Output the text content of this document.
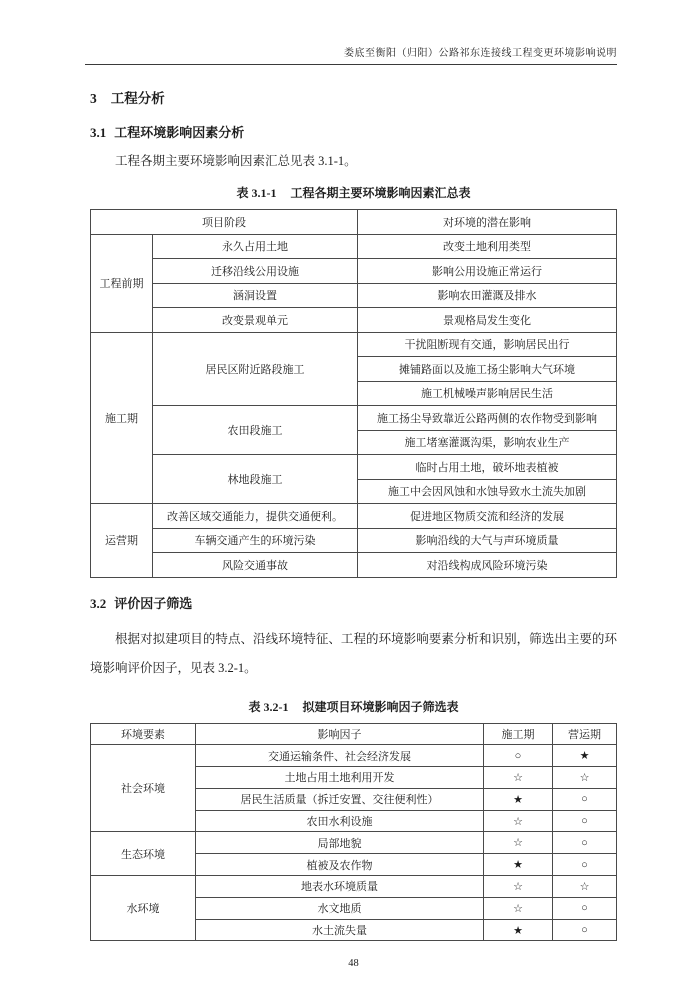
娄底至衡阳（归阳）公路祁东连接线工程变更环境影响说明
3 工程分析
3.1 工程环境影响因素分析

工程各期主要环境影响因素汇总见表 3.1-1。

表 3.1-1 工程各期主要环境影响因素汇总表
项目阶段		对环境的潜在影响
工程前期	永久占用土地	改变土地利用类型
	迁移沿线公用设施	影响公用设施正常运行
	涵洞设置	影响农田灌溉及排水
	改变景观单元	景观格局发生变化
施工期	居民区附近路段施工	干扰阻断现有交通，影响居民出行
		摊铺路面以及施工扬尘影响大气环境
		施工机械噪声影响居民生活
	农田段施工	施工扬尘导致靠近公路两侧的农作物受到影响
		施工堵塞灌溉沟渠，影响农业生产
	林地段施工	临时占用土地，破坏地表植被
		施工中会因风蚀和水蚀导致水土流失加剧
运营期	改善区域交通能力，提供交通便利。	促进地区物质交流和经济的发展
	车辆交通产生的环境污染	影响沿线的大气与声环境质量
	风险交通事故	对沿线构成风险环境污染
3.2 评价因子筛选

根据对拟建项目的特点、沿线环境特征、工程的环境影响要素分析和识别，筛选出主要的环境影响评价因子，见表 3.2-1。

表 3.2-1 拟建项目环境影响因子筛选表
环境要素	影响因子	施工期	营运期
社会环境	交通运输条件、社会经济发展	○	★
	土地占用土地利用开发	☆	☆
	居民生活质量（拆迁安置、交往便利性）	★	○
	农田水利设施	☆	○
生态环境	局部地貌	☆	○
	植被及农作物	★	○
水环境	地表水环境质量	☆	☆
	水文地质	☆	○
	水土流失量	★	○
48
